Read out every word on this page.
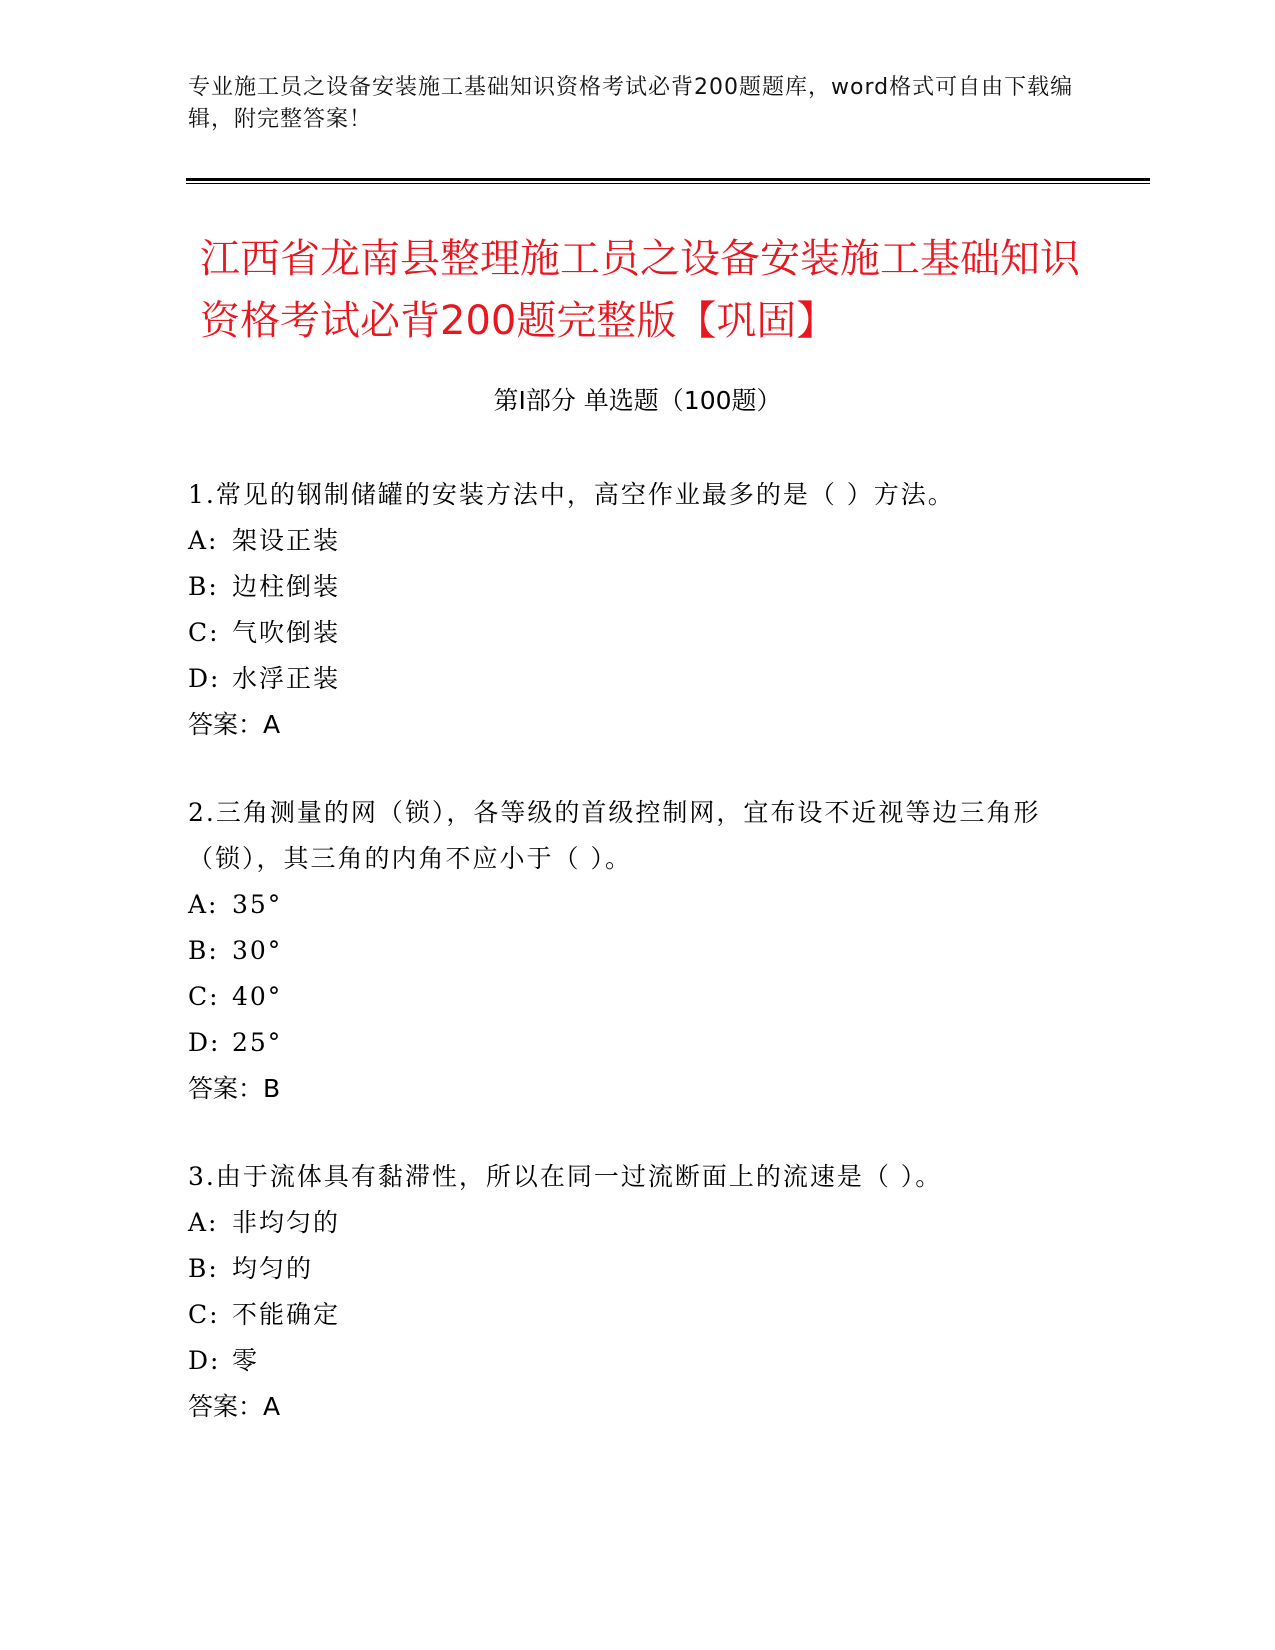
专业施工员之设备安装施工基础知识资格考试必背200题题库，word格式可自由下载编辑，附完整答案！
江西省龙南县整理施工员之设备安装施工基础知识资格考试必背200题完整版【巩固】
第Ⅰ部分 单选题（100题）

1.常见的钢制储罐的安装方法中，高空作业最多的是（ ）方法。

A: 架设正装

B: 边柱倒装

C: 气吹倒装

D: 水浮正装

答案：A

2.三角测量的网（锁），各等级的首级控制网，宜布设不近视等边三角形（锁），其三角的内角不应小于（ ）。

A: 35°

B: 30°

C: 40°

D: 25°

答案：B

3.由于流体具有黏滞性，所以在同一过流断面上的流速是（ ）。

A: 非均匀的

B: 均匀的

C: 不能确定

D: 零

答案：A
